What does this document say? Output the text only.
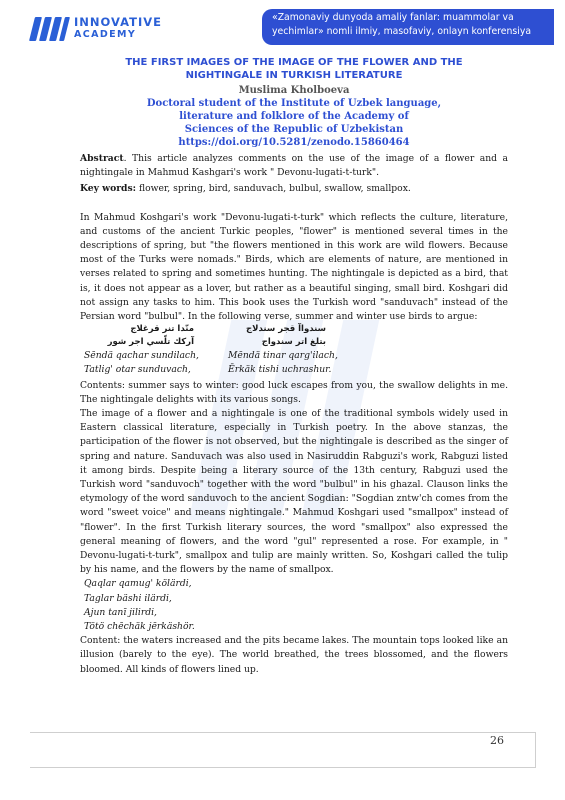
INNOVATIVE
ACADEMY
«Zamonaviy dunyoda amaliy fanlar: muammolar va
yechimlar» nomli ilmiy, masofaviy, onlayn konferensiya
THE FIRST IMAGES OF THE IMAGE OF THE FLOWER AND THE
NIGHTINGALE IN TURKISH LITERATURE
Muslima Kholboeva
Doctoral student of the Institute of Uzbek language,
literature and folklore of the Academy of
Sciences of the Republic of Uzbekistan
https://doi.org/10.5281/zenodo.15860464

Abstract. This article analyzes comments on the use of the image of a flower and a nightingale in Mahmud Kashgari's work " Devonu-lugati-t-turk".

Key words: flower, spring, bird, sanduvach, bulbul, swallow, smallpox.

In Mahmud Koshgari's work "Devonu-lugati-t-turk" which reflects the culture, literature, and customs of the ancient Turkic peoples, "flower" is mentioned several times in the descriptions of spring, but "the flowers mentioned in this work are wild flowers. Because most of the Turks were nomads." Birds, which are elements of nature, are mentioned in verses related to spring and sometimes hunting. The nightingale is depicted as a bird, that is, it does not appear as a lover, but rather as a beautiful singing, small bird. Koshgari did not assign any tasks to him. This book uses the Turkish word "sanduvach" instead of the Persian word "bulbul". In the following verse, summer and winter use birds to argue:

منّدا تنر قرغلاج	سندواآ قجر سندلاج
آرکك تلّسي اجر شور	بتلغ اتر سندواج
Sēndä qachar sundilach,	Mēndä tinar qarg'ilach,
Tatlig' otar sunduvach,	Ērkäk tishi uchrashur.

Contents: summer says to winter: good luck escapes from you, the swallow delights in me. The nightingale delights with its various songs.

The image of a flower and a nightingale is one of the traditional symbols widely used in Eastern classical literature, especially in Turkish poetry. In the above stanzas, the participation of the flower is not observed, but the nightingale is described as the singer of spring and nature. Sanduvach was also used in Nasiruddin Rabguzi's work, Rabguzi listed it among birds. Despite being a literary source of the 13th century, Rabguzi used the Turkish word "sanduvoch" together with the word "bulbul" in his ghazal. Clauson links the etymology of the word sanduvoch to the ancient Sogdian: "Sogdian zntw'ch comes from the word "sweet voice" and means nightingale." Mahmud Koshgari used "smallpox" instead of "flower". In the first Turkish literary sources, the word "smallpox" also expressed the general meaning of flowers, and the word "gul" represented a rose. For example, in " Devonu-lugati-t-turk", smallpox and tulip are mainly written. So, Koshgari called the tulip by his name, and the flowers by the name of smallpox.

Qaqlar qamug' kölärdi,
Taglar bäshi ilärdi,
Ajun tanī jilirdi,
Tötö chēchäk jērkäshör.

Content: the waters increased and the pits became lakes. The mountain tops looked like an illusion (barely to the eye). The world breathed, the trees blossomed, and the flowers bloomed. All kinds of flowers lined up.

26
